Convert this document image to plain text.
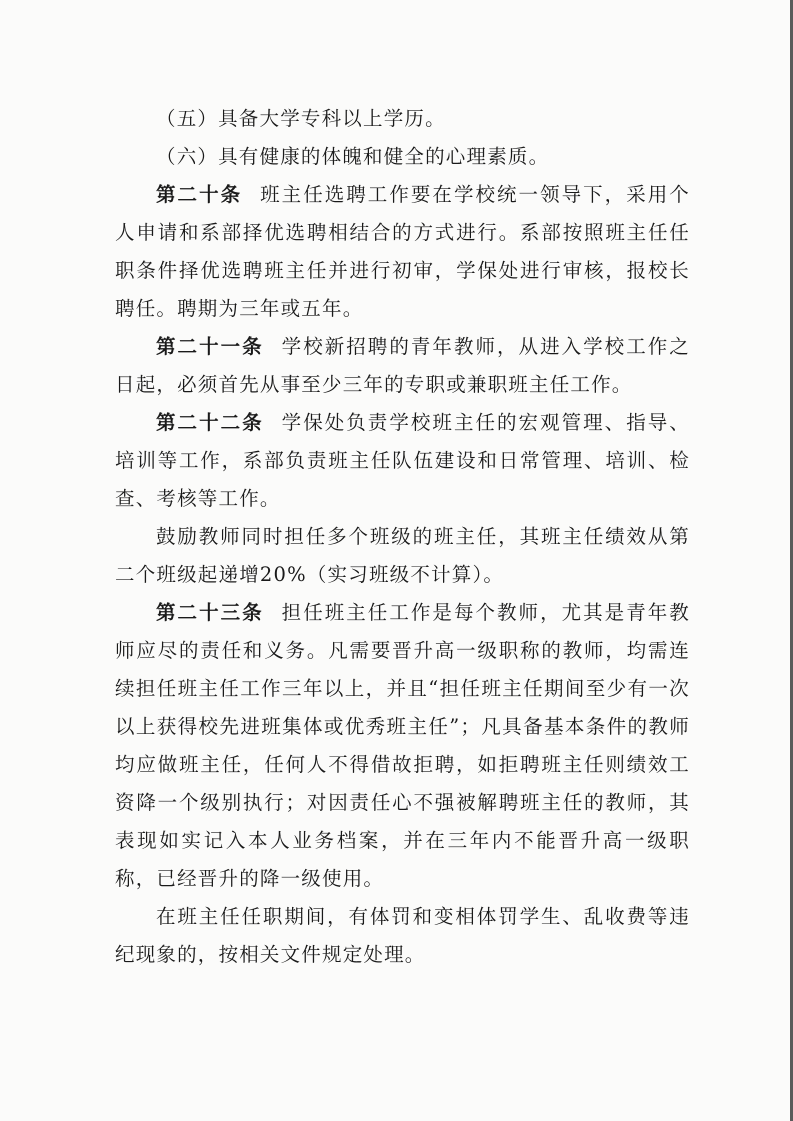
（五）具备大学专科以上学历。

（六）具有健康的体魄和健全的心理素质。

第二十条 班主任选聘工作要在学校统一领导下，采用个人申请和系部择优选聘相结合的方式进行。系部按照班主任任职条件择优选聘班主任并进行初审，学保处进行审核，报校长聘任。聘期为三年或五年。

第二十一条 学校新招聘的青年教师，从进入学校工作之日起，必须首先从事至少三年的专职或兼职班主任工作。

第二十二条 学保处负责学校班主任的宏观管理、指导、培训等工作，系部负责班主任队伍建设和日常管理、培训、检查、考核等工作。

鼓励教师同时担任多个班级的班主任，其班主任绩效从第二个班级起递增20%（实习班级不计算）。

第二十三条 担任班主任工作是每个教师，尤其是青年教师应尽的责任和义务。凡需要晋升高一级职称的教师，均需连续担任班主任工作三年以上，并且“担任班主任期间至少有一次以上获得校先进班集体或优秀班主任”；凡具备基本条件的教师均应做班主任，任何人不得借故拒聘，如拒聘班主任则绩效工资降一个级别执行；对因责任心不强被解聘班主任的教师，其表现如实记入本人业务档案，并在三年内不能晋升高一级职称，已经晋升的降一级使用。

在班主任任职期间，有体罚和变相体罚学生、乱收费等违纪现象的，按相关文件规定处理。
